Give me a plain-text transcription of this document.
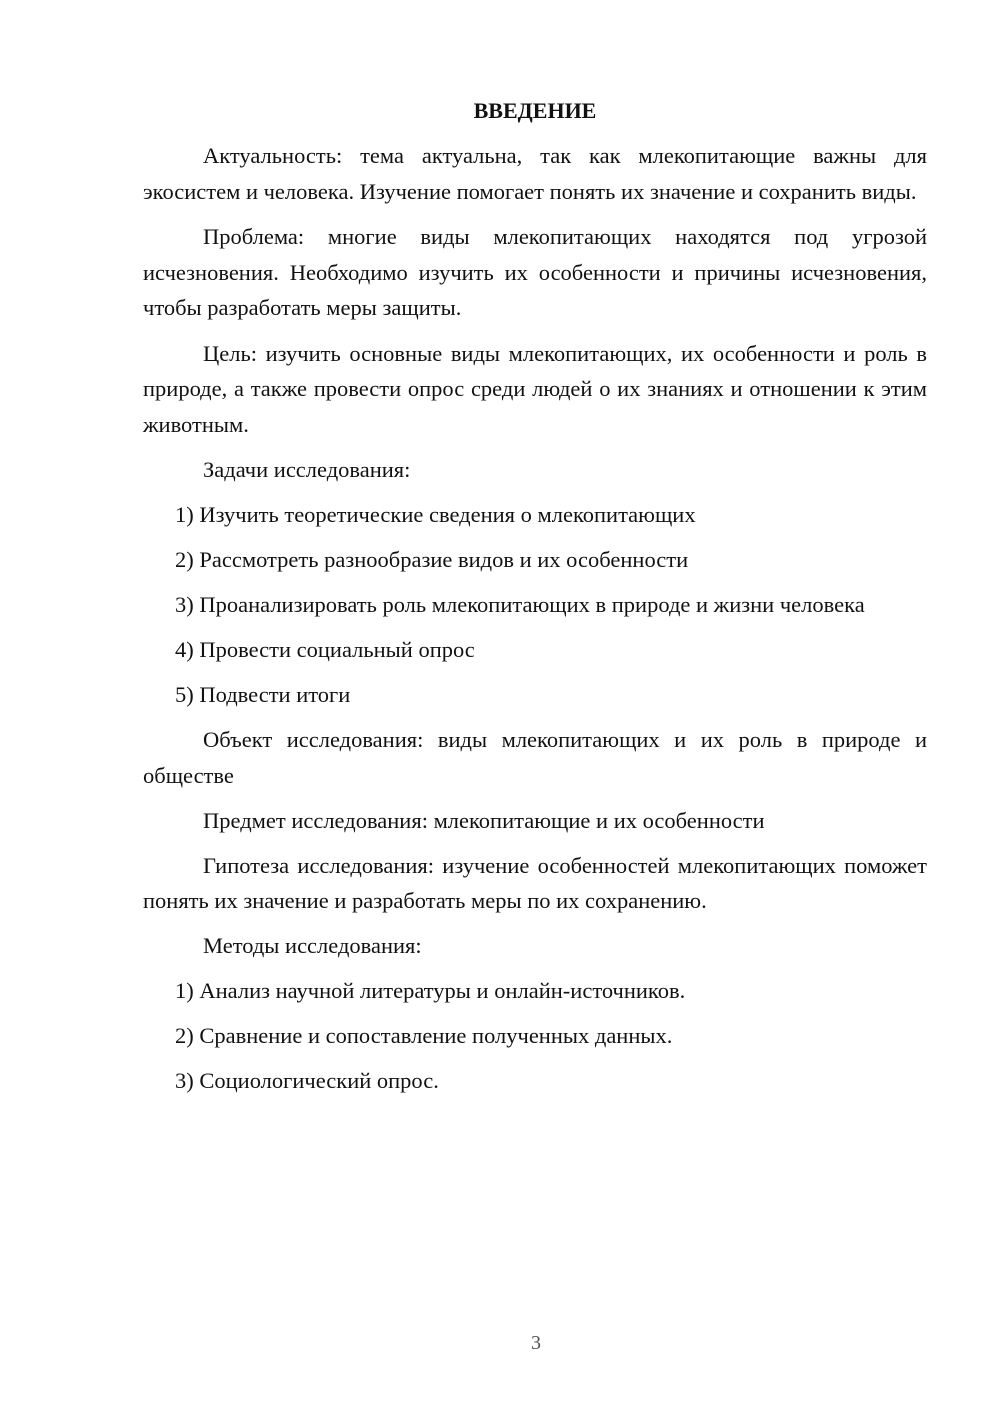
ВВЕДЕНИЕ

Актуальность: тема актуальна, так как млекопитающие важны для экосистем и человека. Изучение помогает понять их значение и сохранить виды.

Проблема: многие виды млекопитающих находятся под угрозой исчезновения. Необходимо изучить их особенности и причины исчезновения, чтобы разработать меры защиты.

Цель: изучить основные виды млекопитающих, их особенности и роль в природе, а также провести опрос среди людей о их знаниях и отношении к этим животным.

Задачи исследования:

1) Изучить теоретические сведения о млекопитающих

2) Рассмотреть разнообразие видов и их особенности

3) Проанализировать роль млекопитающих в природе и жизни человека

4) Провести социальный опрос

5) Подвести итоги

Объект исследования: виды млекопитающих и их роль в природе и обществе

Предмет исследования: млекопитающие и их особенности

Гипотеза исследования: изучение особенностей млекопитающих поможет понять их значение и разработать меры по их сохранению.

Методы исследования:

1) Анализ научной литературы и онлайн-источников.

2) Сравнение и сопоставление полученных данных.

3) Социологический опрос.

3
